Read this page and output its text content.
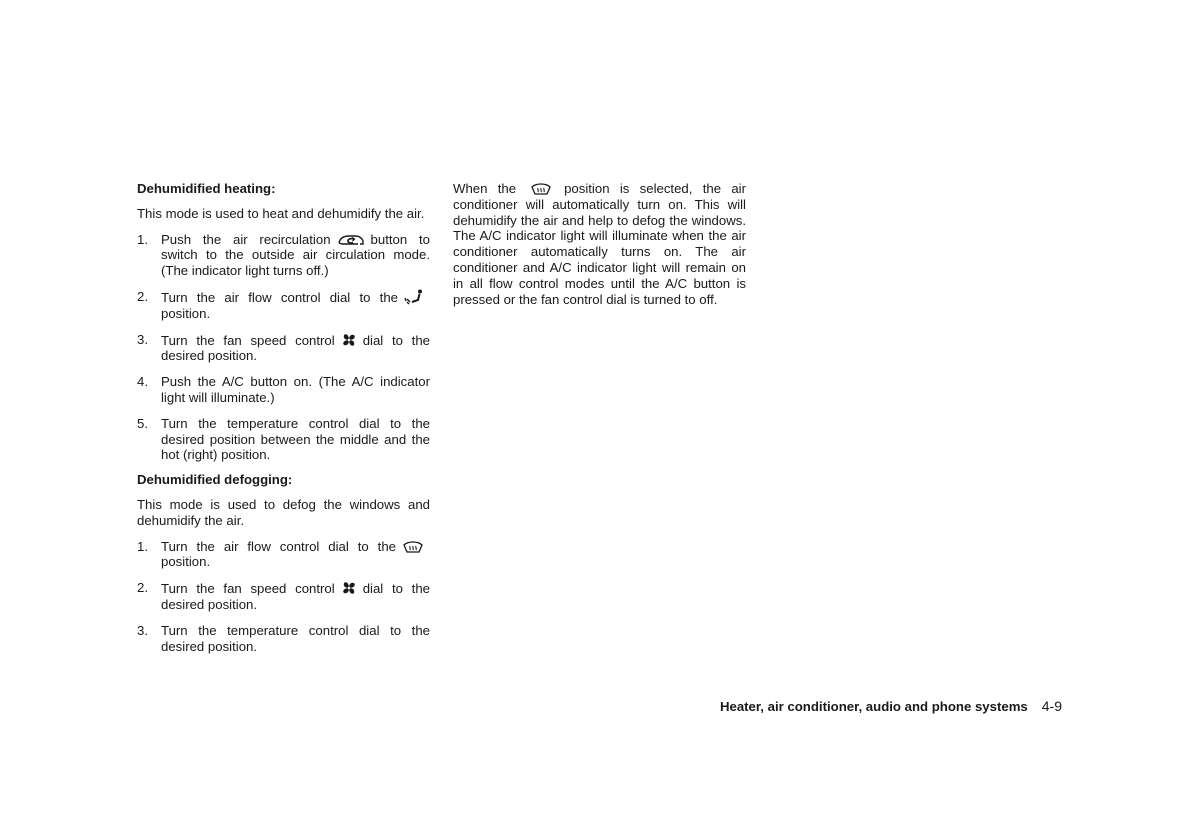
Dehumidified heating:

This mode is used to heat and dehumidify the air.

1. Push the air recirculation	button to switch to the outside air circulation mode. (The indicator light turns off.)
2. Turn the air flow control dial to the
position.
3. Turn the fan speed control dial to the desired position.
4. Push the A/C button on. (The A/C indicator light will illuminate.)
5. Turn the temperature control dial to the desired position between the middle and the hot (right) position.
Dehumidified defogging:

This mode is used to defog the windows and dehumidify the air.

1. Turn the air flow control dial to the
position.
2. Turn the fan speed control dial to the desired position.
3. Turn the temperature control dial to the desired position.

When the	position is selected, the air conditioner will automatically turn on. This will dehumidify the air and help to defog the windows. The A/C indicator light will illuminate when the air conditioner automatically turns on. The air conditioner and A/C indicator light will remain on in all flow control modes until the A/C button is pressed or the fan control dial is turned to off.

Heater, air conditioner, audio and phone systems 4-9
